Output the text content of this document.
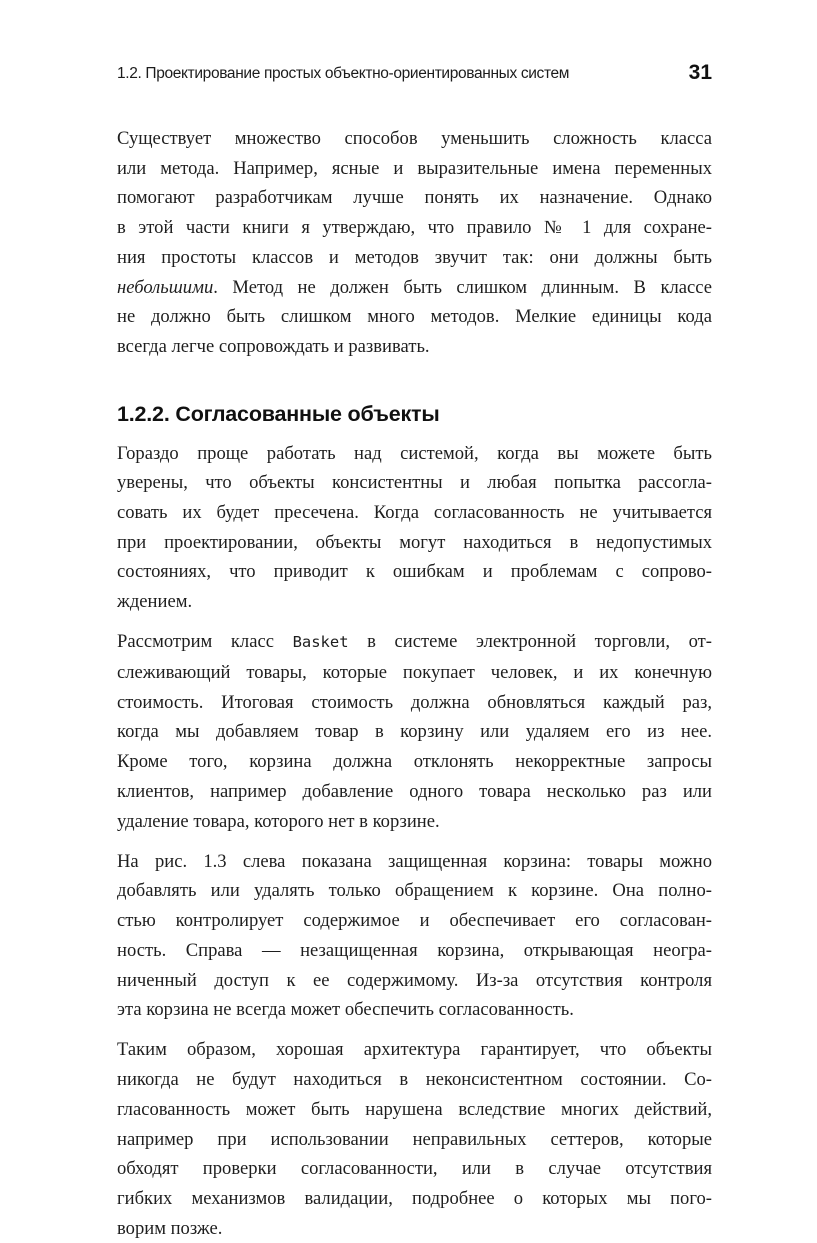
1.2. Проектирование простых объектно-ориентированных систем	31

Существует множество способов уменьшить сложность класса
или метода. Например, ясные и выразительные имена переменных
помогают разработчикам лучше понять их назначение. Однако
в этой части книги я утверждаю, что правило № 1 для сохране-
ния простоты классов и методов звучит так: они должны быть
небольшими. Метод не должен быть слишком длинным. В классе
не должно быть слишком много методов. Мелкие единицы кода
всегда легче сопровождать и развивать.

1.2.2. Согласованные объекты

Гораздо проще работать над системой, когда вы можете быть
уверены, что объекты консистентны и любая попытка рассогла-
совать их будет пресечена. Когда согласованность не учитывается
при проектировании, объекты могут находиться в недопустимых
состояниях, что приводит к ошибкам и проблемам с сопрово-
ждением.

Рассмотрим класс Basket в системе электронной торговли, от-
слеживающий товары, которые покупает человек, и их конечную
стоимость. Итоговая стоимость должна обновляться каждый раз,
когда мы добавляем товар в корзину или удаляем его из нее.
Кроме того, корзина должна отклонять некорректные запросы
клиентов, например добавление одного товара несколько раз или
удаление товара, которого нет в корзине.

На рис. 1.3 слева показана защищенная корзина: товары можно
добавлять или удалять только обращением к корзине. Она полно-
стью контролирует содержимое и обеспечивает его согласован-
ность. Справа — незащищенная корзина, открывающая неогра-
ниченный доступ к ее содержимому. Из-за отсутствия контроля
эта корзина не всегда может обеспечить согласованность.

Таким образом, хорошая архитектура гарантирует, что объекты
никогда не будут находиться в неконсистентном состоянии. Со-
гласованность может быть нарушена вследствие многих действий,
например при использовании неправильных сеттеров, которые
обходят проверки согласованности, или в случае отсутствия
гибких механизмов валидации, подробнее о которых мы пого-
ворим позже.
